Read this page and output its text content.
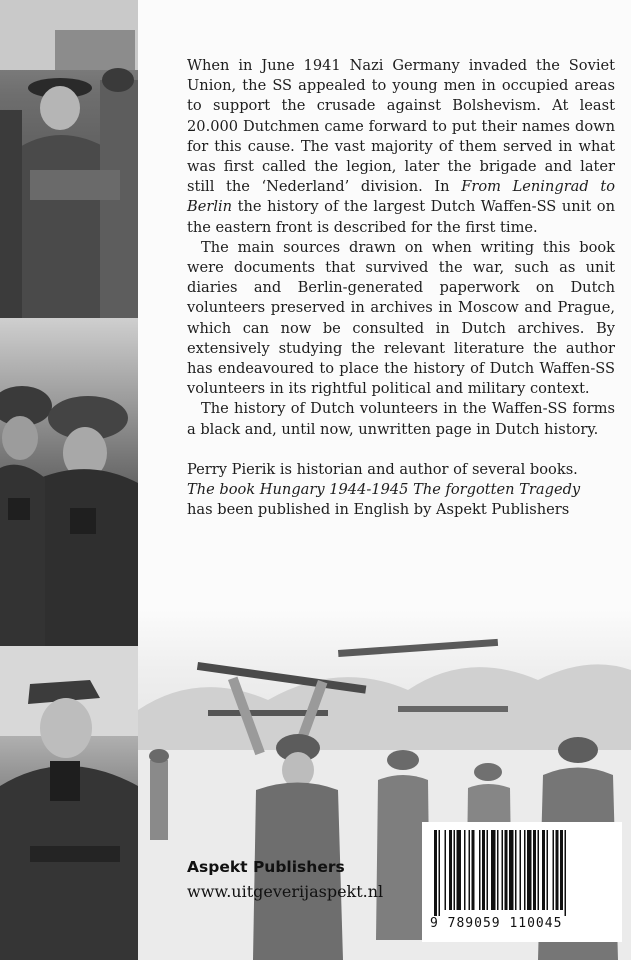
When in June 1941 Nazi Germany invaded the Soviet Union, the SS appealed to young men in occupied areas to support the crusade against Bolshevism. At least 20.000 Dutchmen came forward to put their names down for this cause. The vast majority of them served in what was first called the legion, later the brigade and later still the ‘Nederland’ division. In From Leningrad to Berlin the history of the largest Dutch Waffen-SS unit on the eastern front is described for the first time.

The main sources drawn on when writing this book were documents that survived the war, such as unit diaries and Berlin-generated paperwork on Dutch volunteers preserved in archives in Moscow and Prague, which can now be consulted in Dutch archives. By extensively studying the relevant literature the author has endeavoured to place the history of Dutch Waffen-SS volunteers in its rightful political and military context.

The history of Dutch volunteers in the Waffen-SS forms a black and, until now, unwritten page in Dutch history.

Perry Pierik is historian and author of several books.
The book Hungary 1944-1945 The forgotten Tragedy
has been published in English by Aspekt Publishers

Aspekt Publishers
www.uitgeverijaspekt.nl
9 789059 110045
